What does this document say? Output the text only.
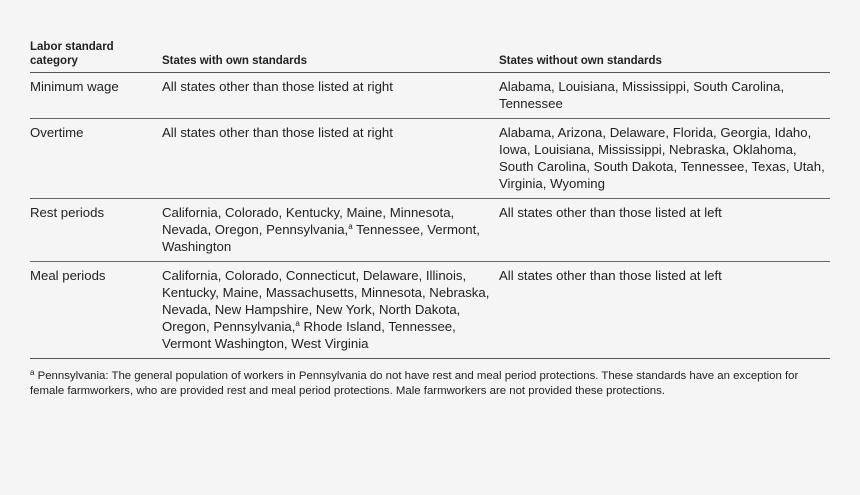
Labor standard category	States with own standards	States without own standards
Minimum wage	All states other than those listed at right	Alabama, Louisiana, Mississippi, South Carolina, Tennessee
Overtime	All states other than those listed at right	Alabama, Arizona, Delaware, Florida, Georgia, Idaho, Iowa, Louisiana, Mississippi, Nebraska, Oklahoma, South Carolina, South Dakota, Tennessee, Texas, Utah, Virginia, Wyoming
Rest periods	California, Colorado, Kentucky, Maine, Minnesota, Nevada, Oregon, Pennsylvania,$^a$ Tennessee, Vermont, Washington	All states other than those listed at left
Meal periods	California, Colorado, Connecticut, Delaware, Illinois, Kentucky, Maine, Massachusetts, Minnesota, Nebraska, Nevada, New Hampshire, New York, North Dakota, Oregon, Pennsylvania,$^a$ Rhode Island, Tennessee, Vermont Washington, West Virginia	All states other than those listed at left
$^a$ Pennsylvania: The general population of workers in Pennsylvania do not have rest and meal period protections. These standards have an exception for female farmworkers, who are provided rest and meal period protections. Male farmworkers are not provided these protections.
